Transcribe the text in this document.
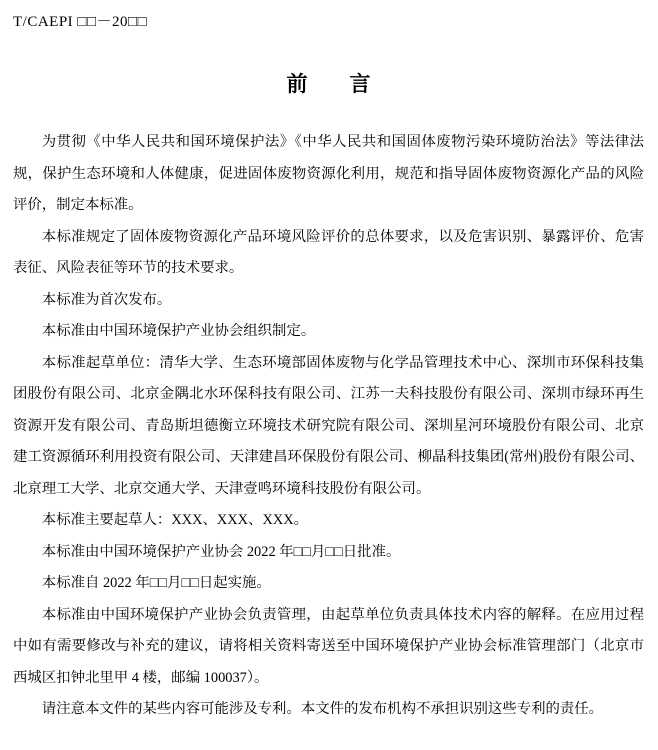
T/CAEPI □□－20□□
前　　言

为贯彻《中华人民共和国环境保护法》《中华人民共和国固体废物污染环境防治法》等法律法规，保护生态环境和人体健康，促进固体废物资源化利用，规范和指导固体废物资源化产品的风险评价，制定本标准。

本标准规定了固体废物资源化产品环境风险评价的总体要求，以及危害识别、暴露评价、危害表征、风险表征等环节的技术要求。

本标准为首次发布。

本标准由中国环境保护产业协会组织制定。

本标准起草单位：清华大学、生态环境部固体废物与化学品管理技术中心、深圳市环保科技集团股份有限公司、北京金隅北水环保科技有限公司、江苏一夫科技股份有限公司、深圳市绿环再生资源开发有限公司、青岛斯坦德衡立环境技术研究院有限公司、深圳星河环境股份有限公司、北京建工资源循环利用投资有限公司、天津建昌环保股份有限公司、柳晶科技集团(常州)股份有限公司、北京理工大学、北京交通大学、天津壹鸣环境科技股份有限公司。

本标准主要起草人：XXX、XXX、XXX。

本标准由中国环境保护产业协会 2022 年□□月□□日批准。

本标准自 2022 年□□月□□日起实施。

本标准由中国环境保护产业协会负责管理，由起草单位负责具体技术内容的解释。在应用过程中如有需要修改与补充的建议，请将相关资料寄送至中国环境保护产业协会标准管理部门（北京市西城区扣钟北里甲 4 楼，邮编 100037）。

请注意本文件的某些内容可能涉及专利。本文件的发布机构不承担识别这些专利的责任。
